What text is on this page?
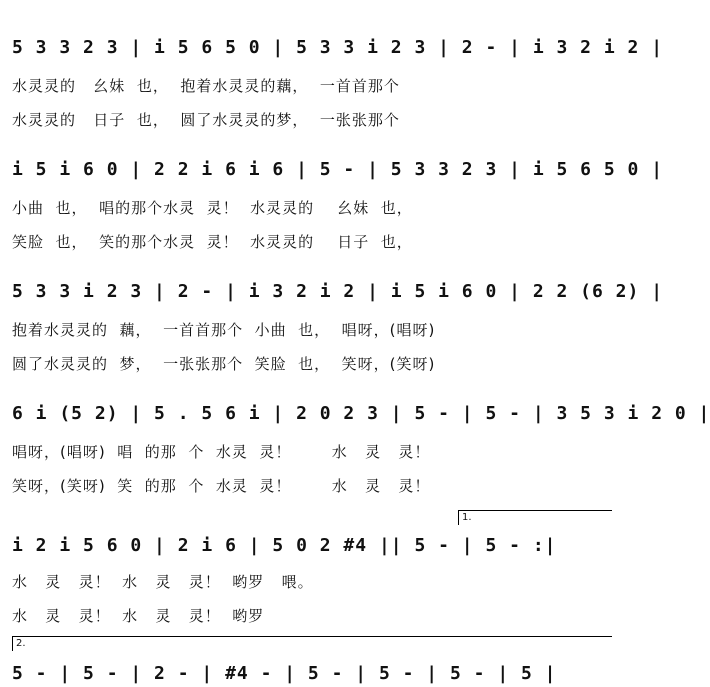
5 3 3 2 3 | i 5 6 5 0 | 5 3 3 i 2 3 | 2 - | i 3 2 i 2 |
水灵灵的   幺妹  也，  抱着水灵灵的藕，  一首首那个
水灵灵的   日子  也，  圆了水灵灵的梦，  一张张那个
i 5 i 6 0 | 2 2 i 6 i 6 | 5 - | 5 3 3 2 3 | i 5 6 5 0 |
小曲  也，  唱的那个水灵  灵！  水灵灵的    幺妹  也，
笑脸  也，  笑的那个水灵  灵！  水灵灵的    日子  也，
5 3 3 i 2 3 | 2 - | i 3 2 i 2 | i 5 i 6 0 | 2 2 (6 2) |
抱着水灵灵的  藕，  一首首那个  小曲  也，  唱呀，(唱呀)
圆了水灵灵的  梦，  一张张那个  笑脸  也，  笑呀，(笑呀)
6 i (5 2) | 5 . 5 6 i | 2 0 2 3 | 5 - | 5 - | 3 5 3 i 2 0 |
唱呀，(唱呀)  唱  的那  个  水灵  灵！       水   灵   灵！
笑呀，(笑呀)  笑  的那  个  水灵  灵！       水   灵   灵！
1.
i 2 i 5 6 0 | 2 i 6 | 5 0 2 #4 || 5 - | 5 - :|
水   灵   灵！  水   灵   灵！  哟罗   喂。
水   灵   灵！  水   灵   灵！  哟罗
2.
5 - | 5 - | 2 - | #4 - | 5 - | 5 - | 5 - | 5 |
